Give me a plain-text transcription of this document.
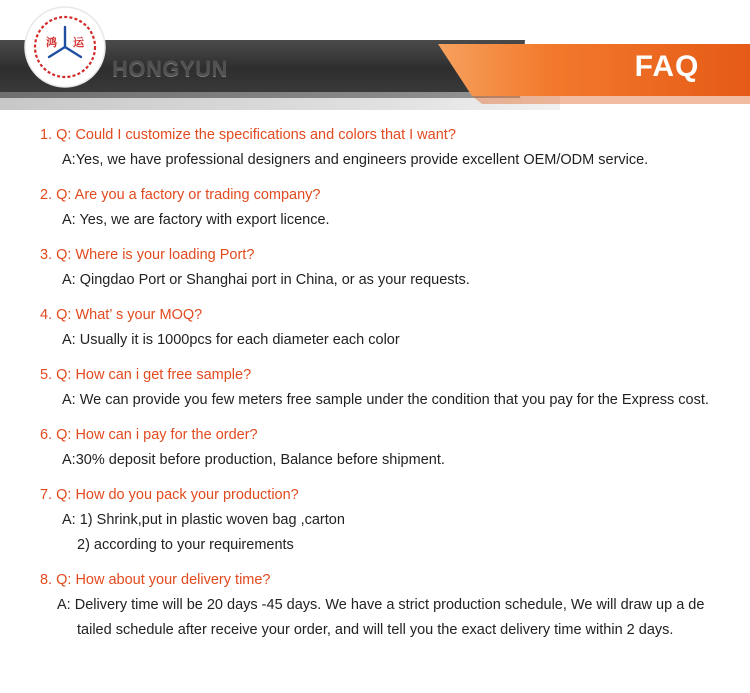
鸿 运
HONGYUN	FAQ
1. Q: Could I customize the specifications and colors that I want?
A:Yes, we have professional designers and engineers provide excellent OEM/ODM service.
2. Q: Are you a factory or trading company?
A: Yes, we are factory with export licence.
3. Q: Where is your loading Port?
A: Qingdao Port or Shanghai port in China, or as your requests.
4. Q: What’ s your MOQ?
A: Usually it is 1000pcs for each diameter each color
5. Q: How can i get free sample?
A: We can provide you few meters free sample under the condition that you pay for the Express cost.
6. Q: How can i pay for the order?
A:30% deposit before production, Balance before shipment.
7. Q: How do you pack your production?
A: 1) Shrink,put in plastic woven bag ,carton
2) according to your requirements
8. Q: How about your delivery time?
A: Delivery time will be 20 days -45 days. We have a strict production schedule, We will draw up a de
tailed schedule after receive your order, and will tell you the exact delivery time within 2 days.
